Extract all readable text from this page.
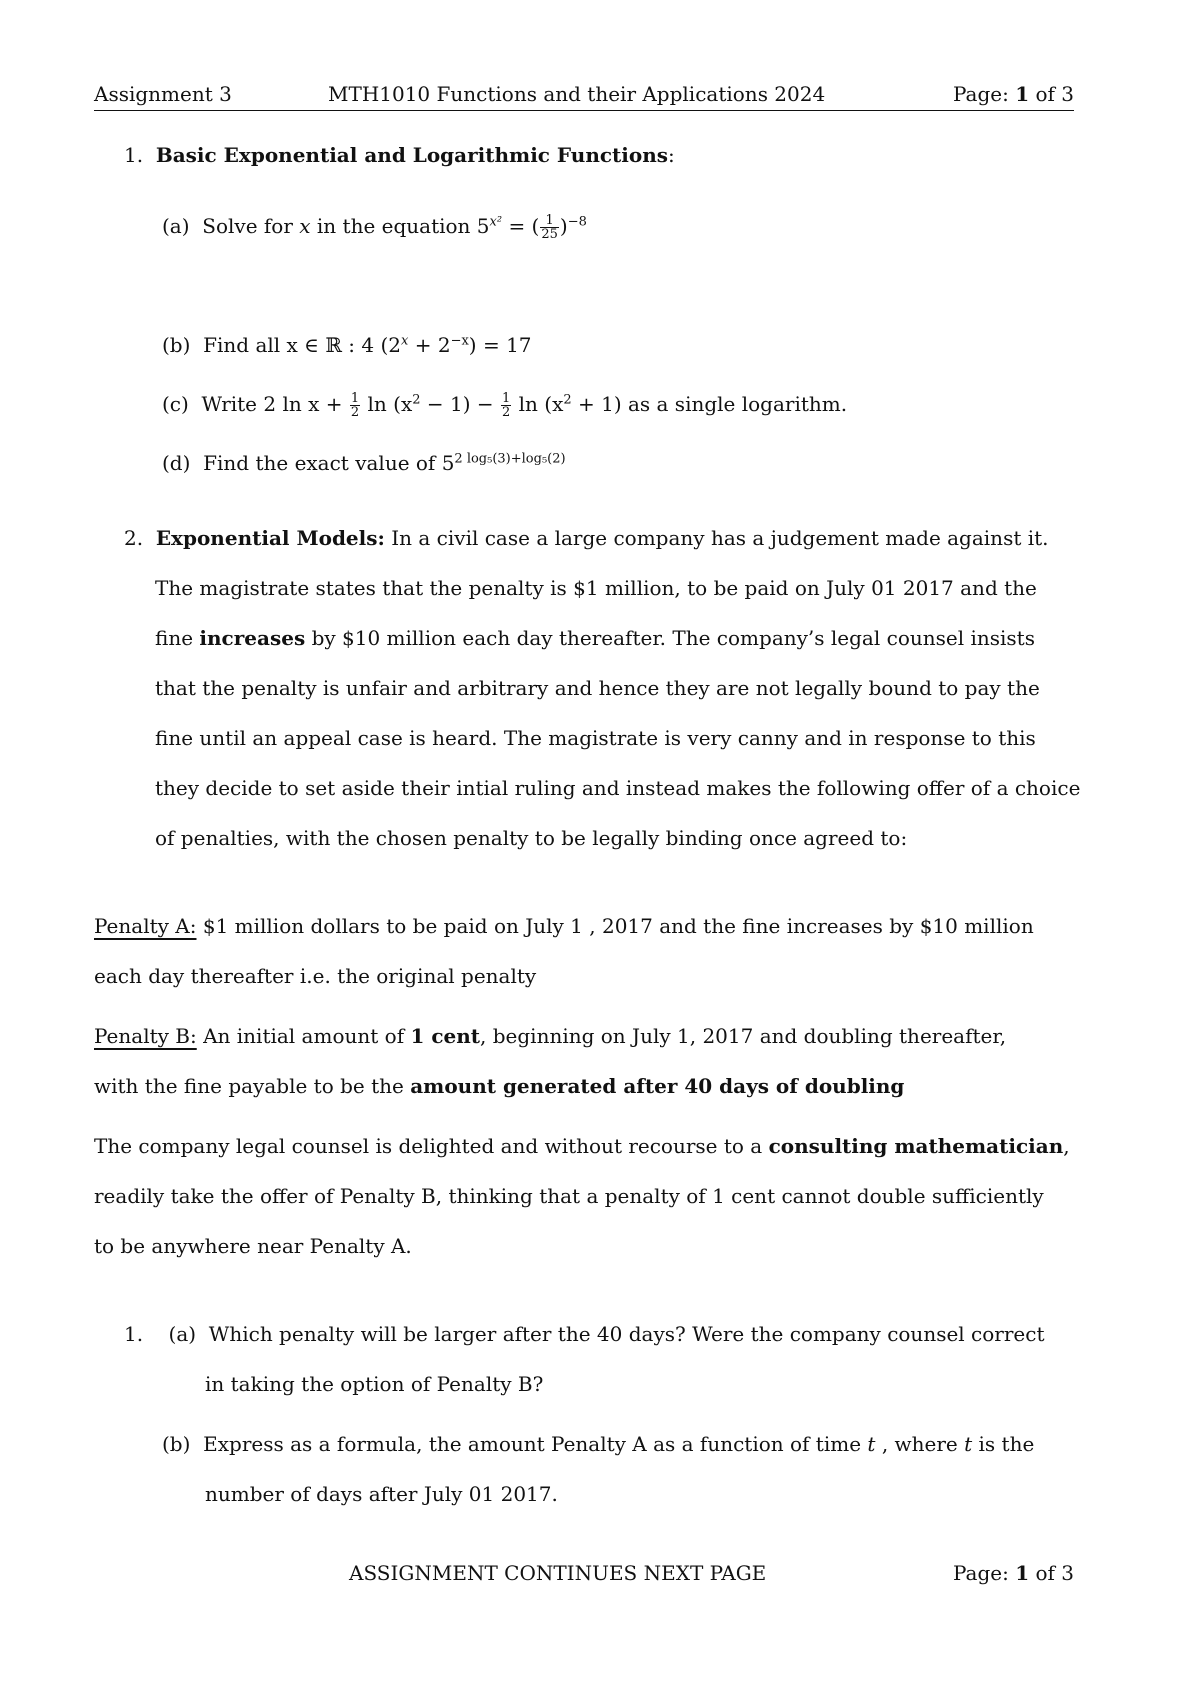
Assignment 3	MTH1010 Functions and their Applications 2024	Page: 1 of 3
1. Basic Exponential and Logarithmic Functions:
(a) Solve for x in the equation $5^{x^2}$ = ( $\frac{1}{25} )^{-8}$
(b) Find all x ∈ ℝ : 4 $(2^x + 2^{-x}) = 17$
(c) Write 2 $\ln x + \frac{1}{2}$ $\ln (x^2 - 1) - \frac{1}{2}$ $\ln (x^2 + 1)$ as a single logarithm.
(d) Find the exact value of $5^{2 log_5(3)+log_5(2)}$
2. Exponential Models: In a civil case a large company has a judgement made against it.
The magistrate states that the penalty is $1 million, to be paid on July 01 2017 and the
fine increases by $10 million each day thereafter. The company’s legal counsel insists
that the penalty is unfair and arbitrary and hence they are not legally bound to pay the
fine until an appeal case is heard. The magistrate is very canny and in response to this
they decide to set aside their intial ruling and instead makes the following offer of a choice
of penalties, with the chosen penalty to be legally binding once agreed to:
Penalty A: $1 million dollars to be paid on July 1 , 2017 and the fine increases by $10 million
each day thereafter i.e. the original penalty
Penalty B: An initial amount of 1 cent, beginning on July 1, 2017 and doubling thereafter,
with the fine payable to be the amount generated after 40 days of doubling
The company legal counsel is delighted and without recourse to a consulting mathematician,
readily take the offer of Penalty B, thinking that a penalty of 1 cent cannot double sufficiently
to be anywhere near Penalty A.
1. (a) Which penalty will be larger after the 40 days? Were the company counsel correct
in taking the option of Penalty B?
(b) Express as a formula, the amount Penalty A as a function of time t , where t is the
number of days after July 01 2017.
ASSIGNMENT CONTINUES NEXT PAGE	Page: 1 of 3
